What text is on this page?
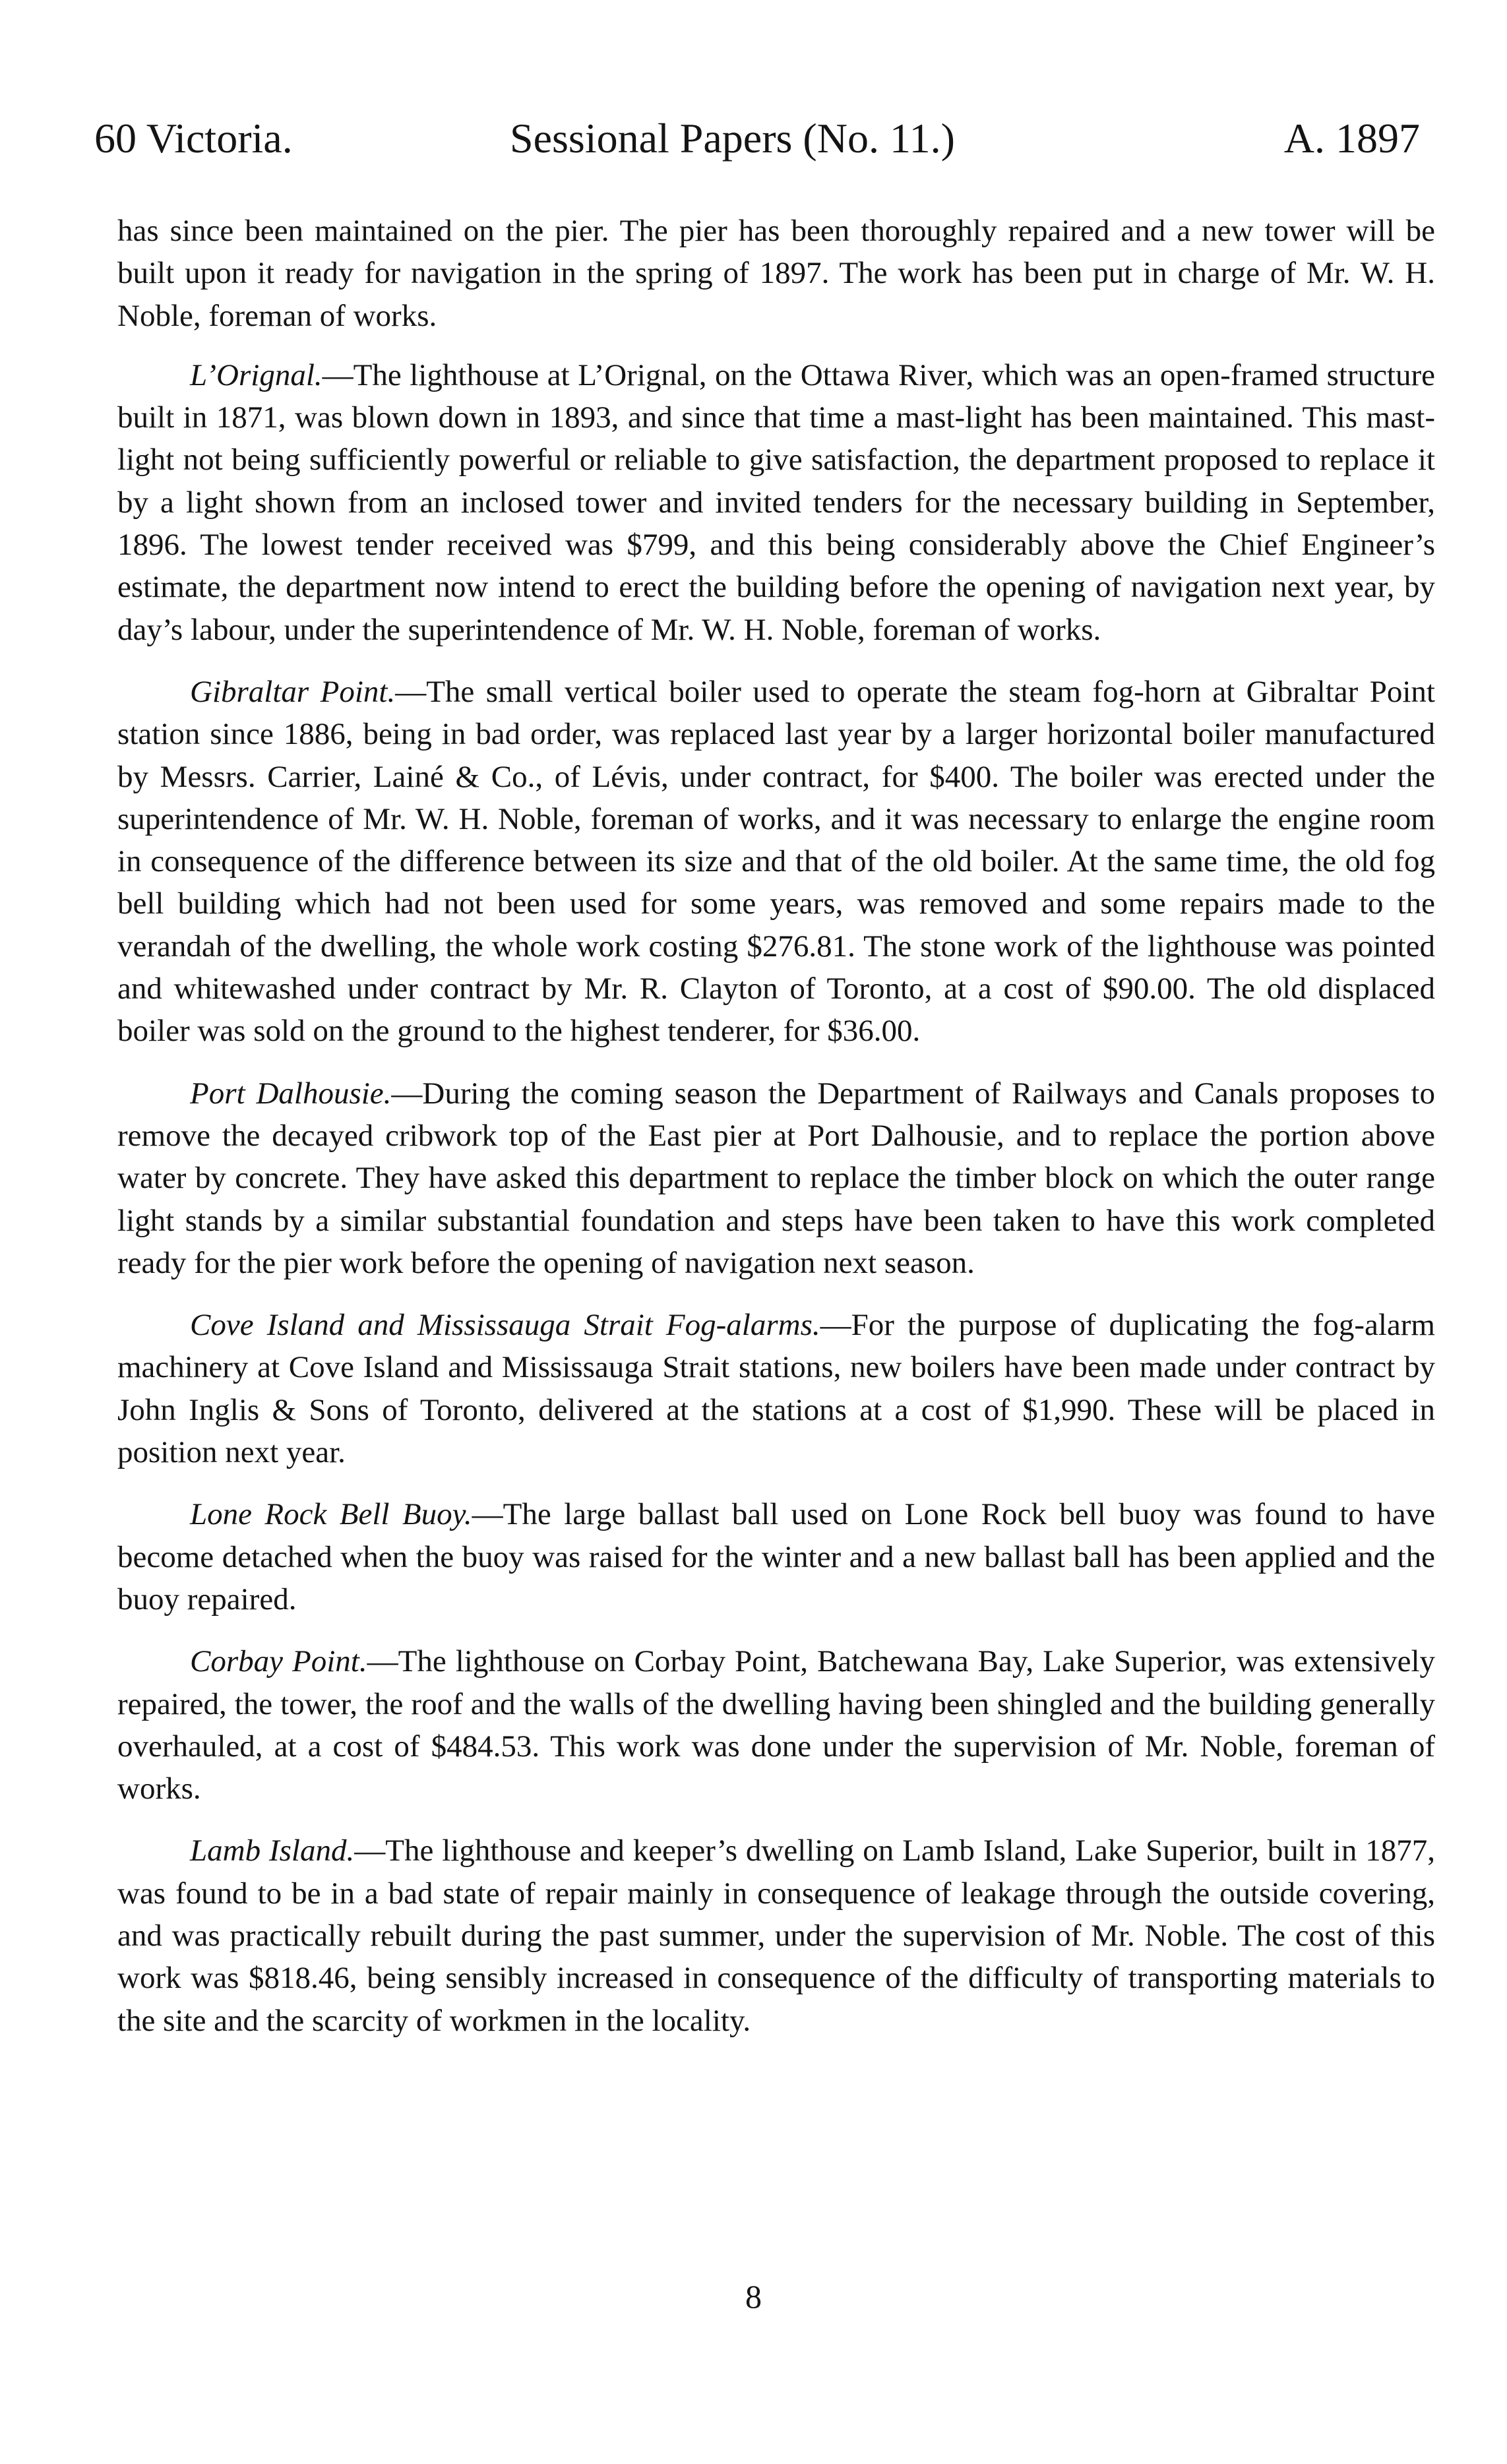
60 Victoria.	Sessional Papers (No. 11.)	A. 1897

has since been maintained on the pier. The pier has been thoroughly repaired and a new tower will be built upon it ready for navigation in the spring of 1897. The work has been put in charge of Mr. W. H. Noble, foreman of works.

L’Orignal.—The lighthouse at L’Orignal, on the Ottawa River, which was an open-framed structure built in 1871, was blown down in 1893, and since that time a mast-light has been maintained. This mast-light not being sufficiently powerful or reliable to give satisfaction, the department proposed to replace it by a light shown from an inclosed tower and invited tenders for the necessary building in September, 1896. The lowest tender received was $799, and this being considerably above the Chief Engineer’s estimate, the department now intend to erect the building before the opening of navigation next year, by day’s labour, under the superintendence of Mr. W. H. Noble, foreman of works.

Gibraltar Point.—The small vertical boiler used to operate the steam fog-horn at Gibraltar Point station since 1886, being in bad order, was replaced last year by a larger horizontal boiler manufactured by Messrs. Carrier, Lainé & Co., of Lévis, under contract, for $400. The boiler was erected under the superintendence of Mr. W. H. Noble, foreman of works, and it was necessary to enlarge the engine room in consequence of the difference between its size and that of the old boiler. At the same time, the old fog bell building which had not been used for some years, was removed and some repairs made to the verandah of the dwelling, the whole work costing $276.81. The stone work of the lighthouse was pointed and whitewashed under contract by Mr. R. Clayton of Toronto, at a cost of $90.00. The old displaced boiler was sold on the ground to the highest tenderer, for $36.00.

Port Dalhousie.—During the coming season the Department of Railways and Canals proposes to remove the decayed cribwork top of the East pier at Port Dalhousie, and to replace the portion above water by concrete. They have asked this department to replace the timber block on which the outer range light stands by a similar substantial foundation and steps have been taken to have this work completed ready for the pier work before the opening of navigation next season.

Cove Island and Mississauga Strait Fog-alarms.—For the purpose of duplicating the fog-alarm machinery at Cove Island and Mississauga Strait stations, new boilers have been made under contract by John Inglis & Sons of Toronto, delivered at the stations at a cost of $1,990. These will be placed in position next year.

Lone Rock Bell Buoy.—The large ballast ball used on Lone Rock bell buoy was found to have become detached when the buoy was raised for the winter and a new ballast ball has been applied and the buoy repaired.

Corbay Point.—The lighthouse on Corbay Point, Batchewana Bay, Lake Superior, was extensively repaired, the tower, the roof and the walls of the dwelling having been shingled and the building generally overhauled, at a cost of $484.53. This work was done under the supervision of Mr. Noble, foreman of works.

Lamb Island.—The lighthouse and keeper’s dwelling on Lamb Island, Lake Superior, built in 1877, was found to be in a bad state of repair mainly in consequence of leakage through the outside covering, and was practically rebuilt during the past summer, under the supervision of Mr. Noble. The cost of this work was $818.46, being sensibly increased in consequence of the difficulty of transporting materials to the site and the scarcity of workmen in the locality.

8
